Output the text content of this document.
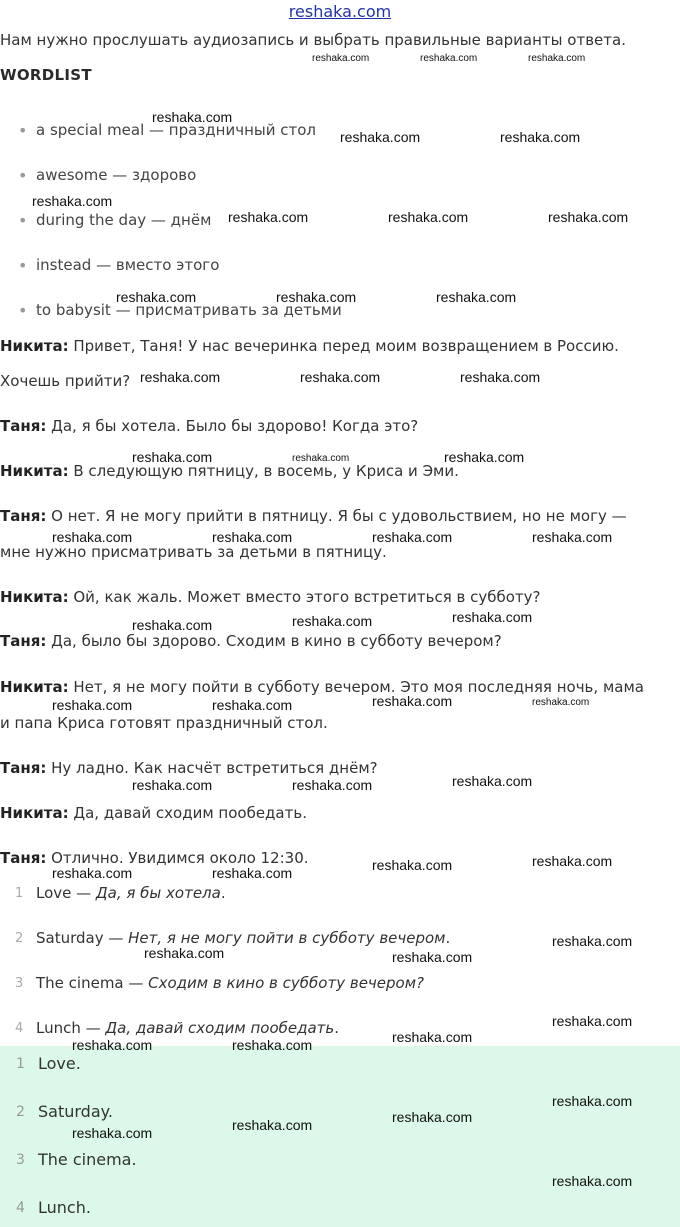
reshaka.com
Нам нужно прослушать аудиозапись и выбрать правильные варианты ответа.
WORDLIST
• a special meal — праздничный стол
• awesome — здорово
• during the day — днём
• instead — вместо этого
• to babysit — присматривать за детьми
Никита: Привет, Таня! У нас вечеринка перед моим возвращением в Россию.
Хочешь прийти?
Таня: Да, я бы хотела. Было бы здорово! Когда это?
Никита: В следующую пятницу, в восемь, у Криса и Эми.
Таня: О нет. Я не могу прийти в пятницу. Я бы с удовольствием, но не могу —
мне нужно присматривать за детьми в пятницу.
Никита: Ой, как жаль. Может вместо этого встретиться в субботу?
Таня: Да, было бы здорово. Сходим в кино в субботу вечером?
Никита: Нет, я не могу пойти в субботу вечером. Это моя последняя ночь, мама
и папа Криса готовят праздничный стол.
Таня: Ну ладно. Как насчёт встретиться днём?
Никита: Да, давай сходим пообедать.
Таня: Отлично. Увидимся около 12:30.
1 Love — Да, я бы хотела.
2 Saturday — Нет, я не могу пойти в субботу вечером.
3 The cinema — Сходим в кино в субботу вечером?
4 Lunch — Да, давай сходим пообедать.
1 Love.
2 Saturday.
3 The cinema.
4 Lunch.
reshaka.com	reshaka.com	reshaka.com
reshaka.com
reshaka.com	reshaka.com
reshaka.com
reshaka.com	reshaka.com	reshaka.com
reshaka.com	reshaka.com	reshaka.com
reshaka.com	reshaka.com	reshaka.com
reshaka.com	reshaka.com	reshaka.com
reshaka.com	reshaka.com	reshaka.com	reshaka.com
reshaka.com	reshaka.com	reshaka.com
reshaka.com	reshaka.com	reshaka.com	reshaka.com
reshaka.com	reshaka.com	reshaka.com
reshaka.com	reshaka.com	reshaka.com	reshaka.com
reshaka.com
reshaka.com	reshaka.com
reshaka.com
reshaka.com
reshaka.com	reshaka.com
reshaka.com
reshaka.com
reshaka.com
reshaka.com
reshaka.com
